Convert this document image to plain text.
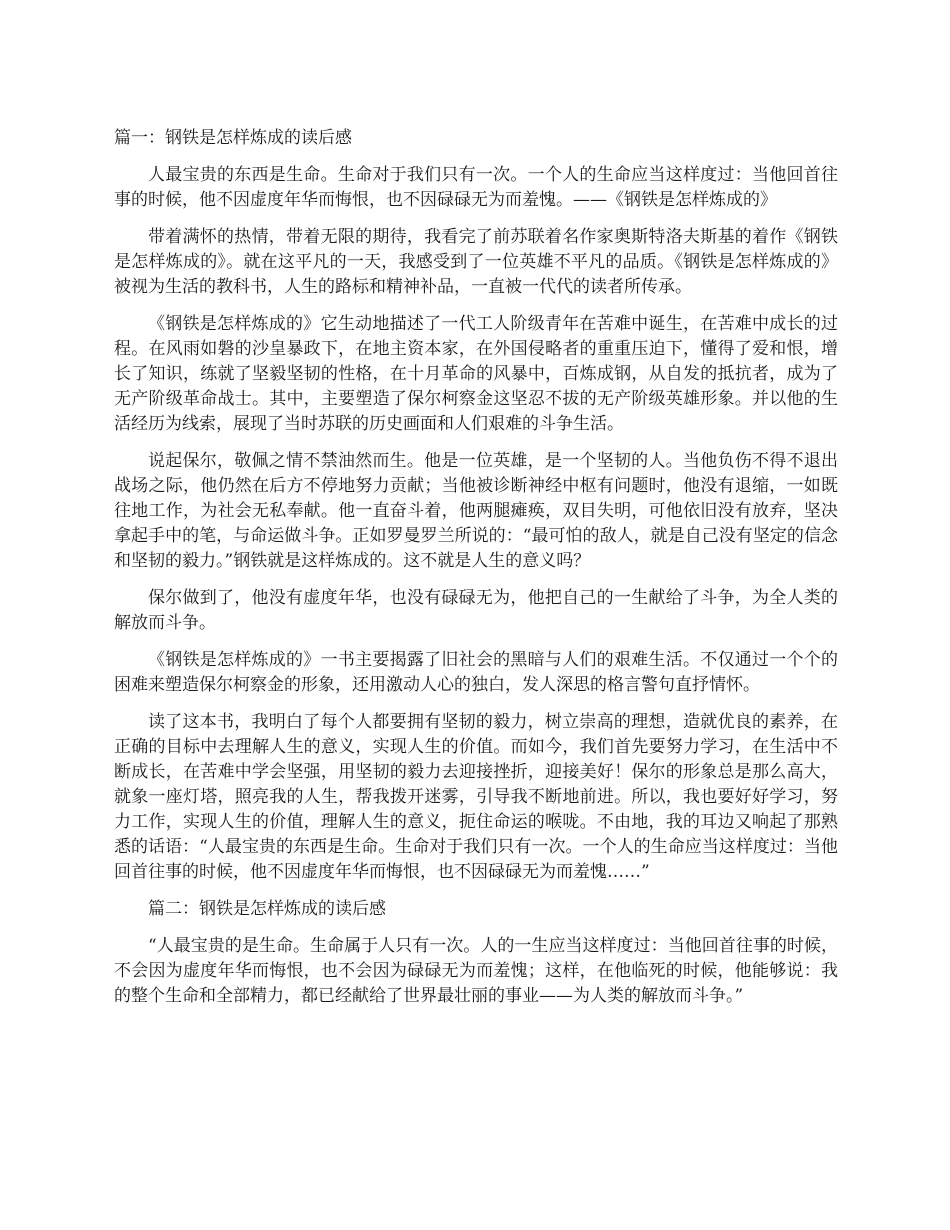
篇一：钢铁是怎样炼成的读后感

人最宝贵的东西是生命。生命对于我们只有一次。一个人的生命应当这样度过：当他回首往事的时候，他不因虚度年华而悔恨，也不因碌碌无为而羞愧。——《钢铁是怎样炼成的》

带着满怀的热情，带着无限的期待，我看完了前苏联着名作家奥斯特洛夫斯基的着作《钢铁是怎样炼成的》。就在这平凡的一天，我感受到了一位英雄不平凡的品质。《钢铁是怎样炼成的》被视为生活的教科书，人生的路标和精神补品，一直被一代代的读者所传承。

《钢铁是怎样炼成的》它生动地描述了一代工人阶级青年在苦难中诞生，在苦难中成长的过程。在风雨如磐的沙皇暴政下，在地主资本家，在外国侵略者的重重压迫下，懂得了爱和恨，增长了知识，练就了坚毅坚韧的性格，在十月革命的风暴中，百炼成钢，从自发的抵抗者，成为了无产阶级革命战士。其中，主要塑造了保尔柯察金这坚忍不拔的无产阶级英雄形象。并以他的生活经历为线索，展现了当时苏联的历史画面和人们艰难的斗争生活。

说起保尔，敬佩之情不禁油然而生。他是一位英雄，是一个坚韧的人。当他负伤不得不退出战场之际，他仍然在后方不停地努力贡献；当他被诊断神经中枢有问题时，他没有退缩，一如既往地工作，为社会无私奉献。他一直奋斗着，他两腿瘫痪，双目失明，可他依旧没有放弃，坚决拿起手中的笔，与命运做斗争。正如罗曼罗兰所说的：“最可怕的敌人，就是自己没有坚定的信念和坚韧的毅力。”钢铁就是这样炼成的。这不就是人生的意义吗？

保尔做到了，他没有虚度年华，也没有碌碌无为，他把自己的一生献给了斗争，为全人类的解放而斗争。

《钢铁是怎样炼成的》一书主要揭露了旧社会的黑暗与人们的艰难生活。不仅通过一个个的困难来塑造保尔柯察金的形象，还用激动人心的独白，发人深思的格言警句直抒情怀。

读了这本书，我明白了每个人都要拥有坚韧的毅力，树立崇高的理想，造就优良的素养，在正确的目标中去理解人生的意义，实现人生的价值。而如今，我们首先要努力学习，在生活中不断成长，在苦难中学会坚强，用坚韧的毅力去迎接挫折，迎接美好！保尔的形象总是那么高大，就象一座灯塔，照亮我的人生，帮我拨开迷雾，引导我不断地前进。所以，我也要好好学习，努力工作，实现人生的价值，理解人生的意义，扼住命运的喉咙。不由地，我的耳边又响起了那熟悉的话语：“人最宝贵的东西是生命。生命对于我们只有一次。一个人的生命应当这样度过：当他回首往事的时候，他不因虚度年华而悔恨，也不因碌碌无为而羞愧……”

篇二：钢铁是怎样炼成的读后感

“人最宝贵的是生命。生命属于人只有一次。人的一生应当这样度过：当他回首往事的时候，不会因为虚度年华而悔恨，也不会因为碌碌无为而羞愧；这样，在他临死的时候，他能够说：我的整个生命和全部精力，都已经献给了世界最壮丽的事业——为人类的解放而斗争。”
